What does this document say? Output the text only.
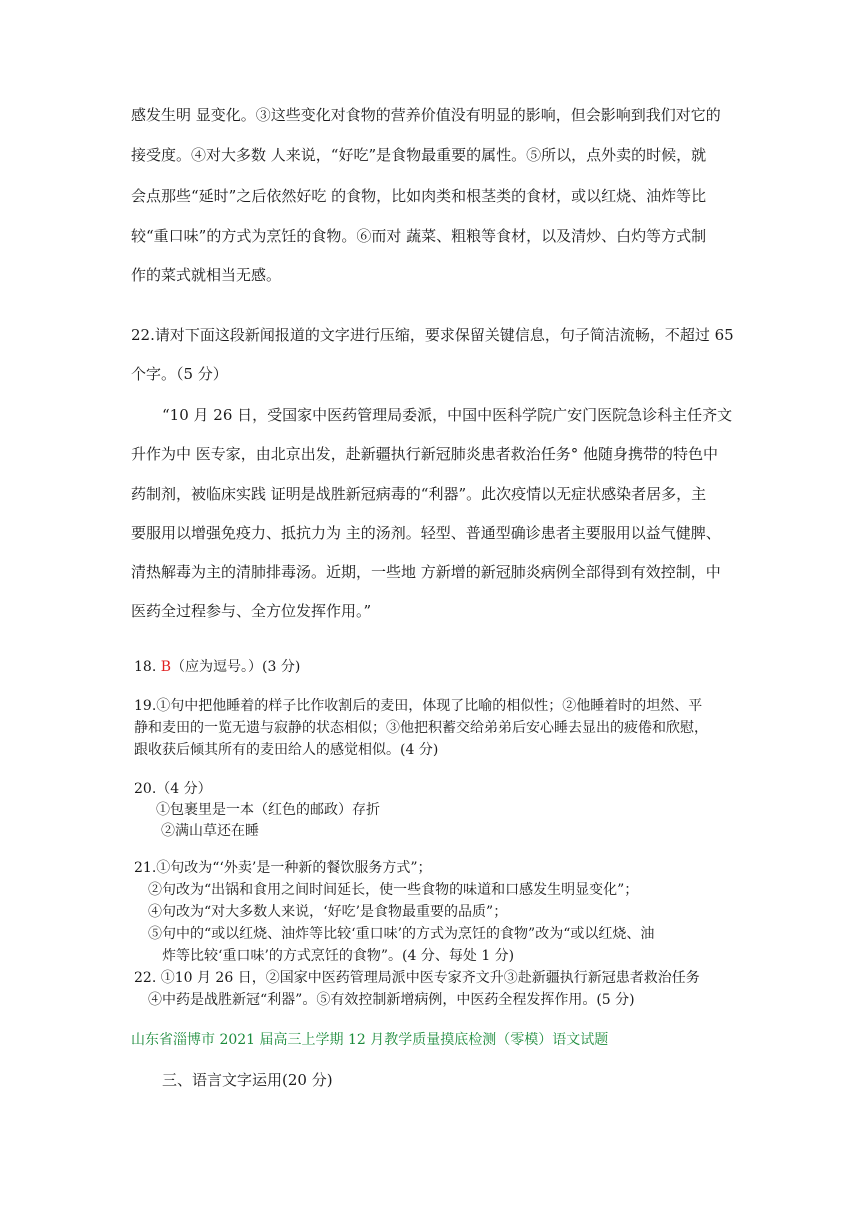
感发生明 显变化。③这些变化对食物的营养价值没有明显的影响，但会影响到我们对它的
接受度。④对大多数 人来说，“好吃”是食物最重要的属性。⑤所以，点外卖的时候，就
会点那些“延时”之后依然好吃 的食物，比如肉类和根茎类的食材，或以红烧、油炸等比
较“重口味”的方式为烹饪的食物。⑥而对 蔬菜、粗粮等食材，以及清炒、白灼等方式制
作的菜式就相当无感。
22.请对下面这段新闻报道的文字进行压缩，要求保留关键信息，句子简洁流畅，不超过 65
个字。（5 分）
“10 月 26 日，受国家中医药管理局委派，中国中医科学院广安门医院急诊科主任齐文
升作为中 医专家，由北京出发，赴新疆执行新冠肺炎患者救治任务° 他随身携带的特色中
药制剂，被临床实践 证明是战胜新冠病毒的“利器”。此次疫情以无症状感染者居多，主
要服用以增强免疫力、抵抗力为 主的汤剂。轻型、普通型确诊患者主要服用以益气健脾、
清热解毒为主的清肺排毒汤。近期，一些地 方新增的新冠肺炎病例全部得到有效控制，中
医药全过程参与、全方位发挥作用。”
18. B（应为逗号。）(3 分)
19.①句中把他睡着的样子比作收割后的麦田，体现了比喻的相似性；②他睡着时的坦然、平
静和麦田的一览无遗与寂静的状态相似；③他把积蓄交给弟弟后安心睡去显出的疲倦和欣慰，
跟收获后倾其所有的麦田给人的感觉相似。(4 分)
20.（4 分）
①包裹里是一本（红色的邮政）存折
②满山草还在睡
21.①句改为“‘外卖’是一种新的餐饮服务方式”；
②句改为“出锅和食用之间时间延长，使一些食物的味道和口感发生明显变化”；
④句改为“对大多数人来说，‘好吃’是食物最重要的品质”；
⑤句中的“或以红烧、油炸等比较‘重口味’的方式为烹饪的食物”改为“或以红烧、油
炸等比较‘重口味’的方式烹饪的食物”。(4 分、每处 1 分)
22. ①10 月 26 日，②国家中医药管理局派中医专家齐文升③赴新疆执行新冠患者救治任务
④中药是战胜新冠“利器”。⑤有效控制新增病例，中医药全程发挥作用。(5 分)
山东省淄博市 2021 届高三上学期 12 月教学质量摸底检测（零模）语文试题
三、语言文字运用(20 分)
